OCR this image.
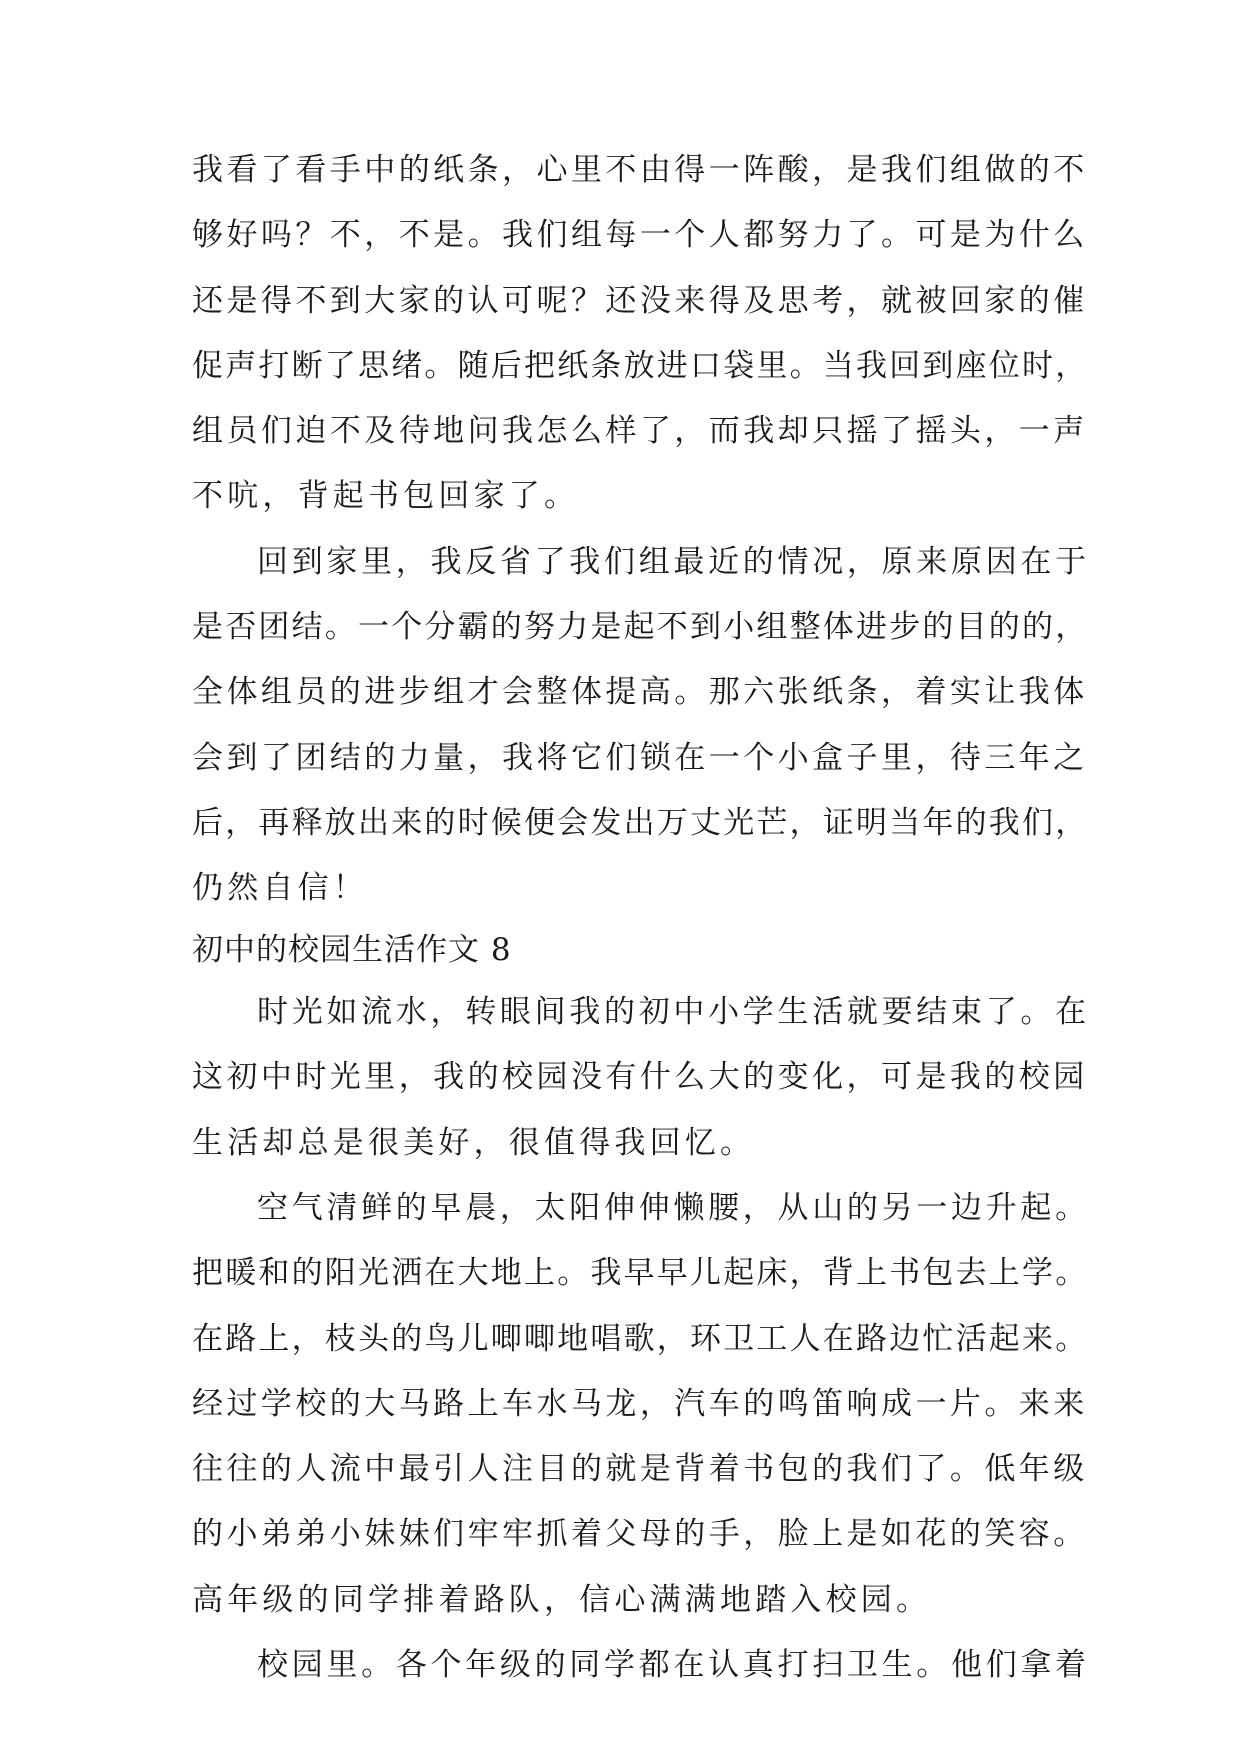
我看了看手中的纸条，心里不由得一阵酸，是我们组做的不
够好吗？不，不是。我们组每一个人都努力了。可是为什么
还是得不到大家的认可呢？还没来得及思考，就被回家的催
促声打断了思绪。随后把纸条放进口袋里。当我回到座位时，
组员们迫不及待地问我怎么样了，而我却只摇了摇头，一声
不吭，背起书包回家了。
回到家里，我反省了我们组最近的情况，原来原因在于
是否团结。一个分霸的努力是起不到小组整体进步的目的的，
全体组员的进步组才会整体提高。那六张纸条，着实让我体
会到了团结的力量，我将它们锁在一个小盒子里，待三年之
后，再释放出来的时候便会发出万丈光芒，证明当年的我们，
仍然自信！
初中的校园生活作文 8
时光如流水，转眼间我的初中小学生活就要结束了。在
这初中时光里，我的校园没有什么大的变化，可是我的校园
生活却总是很美好，很值得我回忆。
空气清鲜的早晨，太阳伸伸懒腰，从山的另一边升起。
把暖和的阳光洒在大地上。我早早儿起床，背上书包去上学。
在路上，枝头的鸟儿唧唧地唱歌，环卫工人在路边忙活起来。
经过学校的大马路上车水马龙，汽车的鸣笛响成一片。来来
往往的人流中最引人注目的就是背着书包的我们了。低年级
的小弟弟小妹妹们牢牢抓着父母的手，脸上是如花的笑容。
高年级的同学排着路队，信心满满地踏入校园。
校园里。各个年级的同学都在认真打扫卫生。他们拿着
